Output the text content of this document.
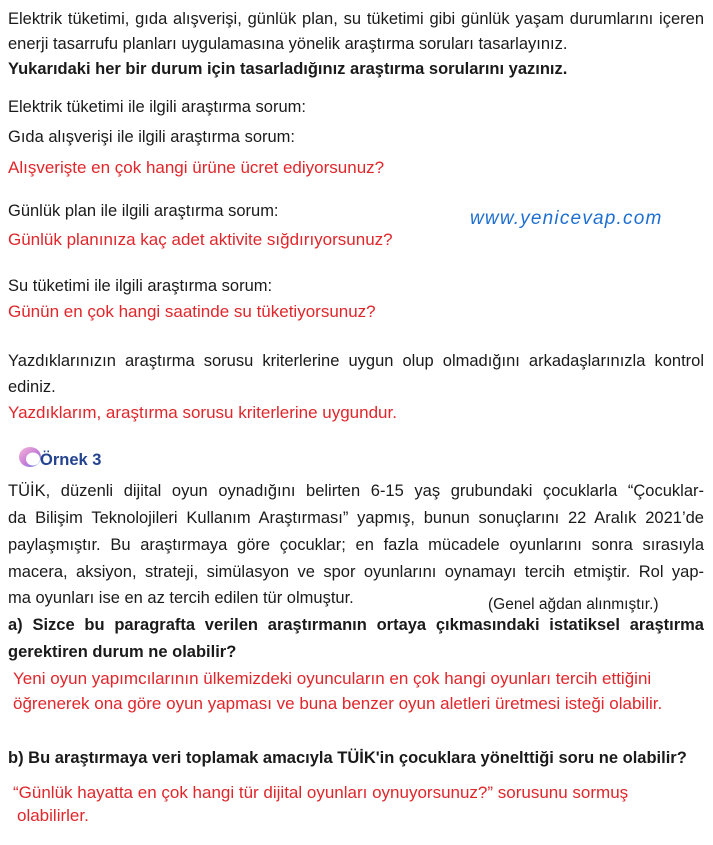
Elektrik tüketimi, gıda alışverişi, günlük plan, su tüketimi gibi günlük yaşam durumlarını içeren
enerji tasarrufu planları uygulamasına yönelik araştırma soruları tasarlayınız.
Yukarıdaki her bir durum için tasarladığınız araştırma sorularını yazınız.
Elektrik tüketimi ile ilgili araştırma sorum:
Gıda alışverişi ile ilgili araştırma sorum:
Alışverişte en çok hangi ürüne ücret ediyorsunuz?
Günlük plan ile ilgili araştırma sorum:
Günlük planınıza kaç adet aktivite sığdırıyorsunuz?
www.yenicevap.com
Su tüketimi ile ilgili araştırma sorum:
Günün en çok hangi saatinde su tüketiyorsunuz?
Yazdıklarınızın araştırma sorusu kriterlerine uygun olup olmadığını arkadaşlarınızla kontrol
ediniz.
Yazdıklarım, araştırma sorusu kriterlerine uygundur.
Örnek 3
TÜİK, düzenli dijital oyun oynadığını belirten 6-15 yaş grubundaki çocuklarla “Çocuklar-
da Bilişim Teknolojileri Kullanım Araştırması” yapmış, bunun sonuçlarını 22 Aralık 2021’de
paylaşmıştır. Bu araştırmaya göre çocuklar; en fazla mücadele oyunlarını sonra sırasıyla
macera, aksiyon, strateji, simülasyon ve spor oyunlarını oynamayı tercih etmiştir. Rol yap-
ma oyunları ise en az tercih edilen tür olmuştur.	(Genel ağdan alınmıştır.)
a) Sizce bu paragrafta verilen araştırmanın ortaya çıkmasındaki istatiksel araştırma
gerektiren durum ne olabilir?
Yeni oyun yapımcılarının ülkemizdeki oyuncuların en çok hangi oyunları tercih ettiğini
öğrenerek ona göre oyun yapması ve buna benzer oyun aletleri üretmesi isteği olabilir.
b) Bu araştırmaya veri toplamak amacıyla TÜİK'in çocuklara yönelttiği soru ne olabilir?
“Günlük hayatta en çok hangi tür dijital oyunları oynuyorsunuz?” sorusunu sormuş
olabilirler.
